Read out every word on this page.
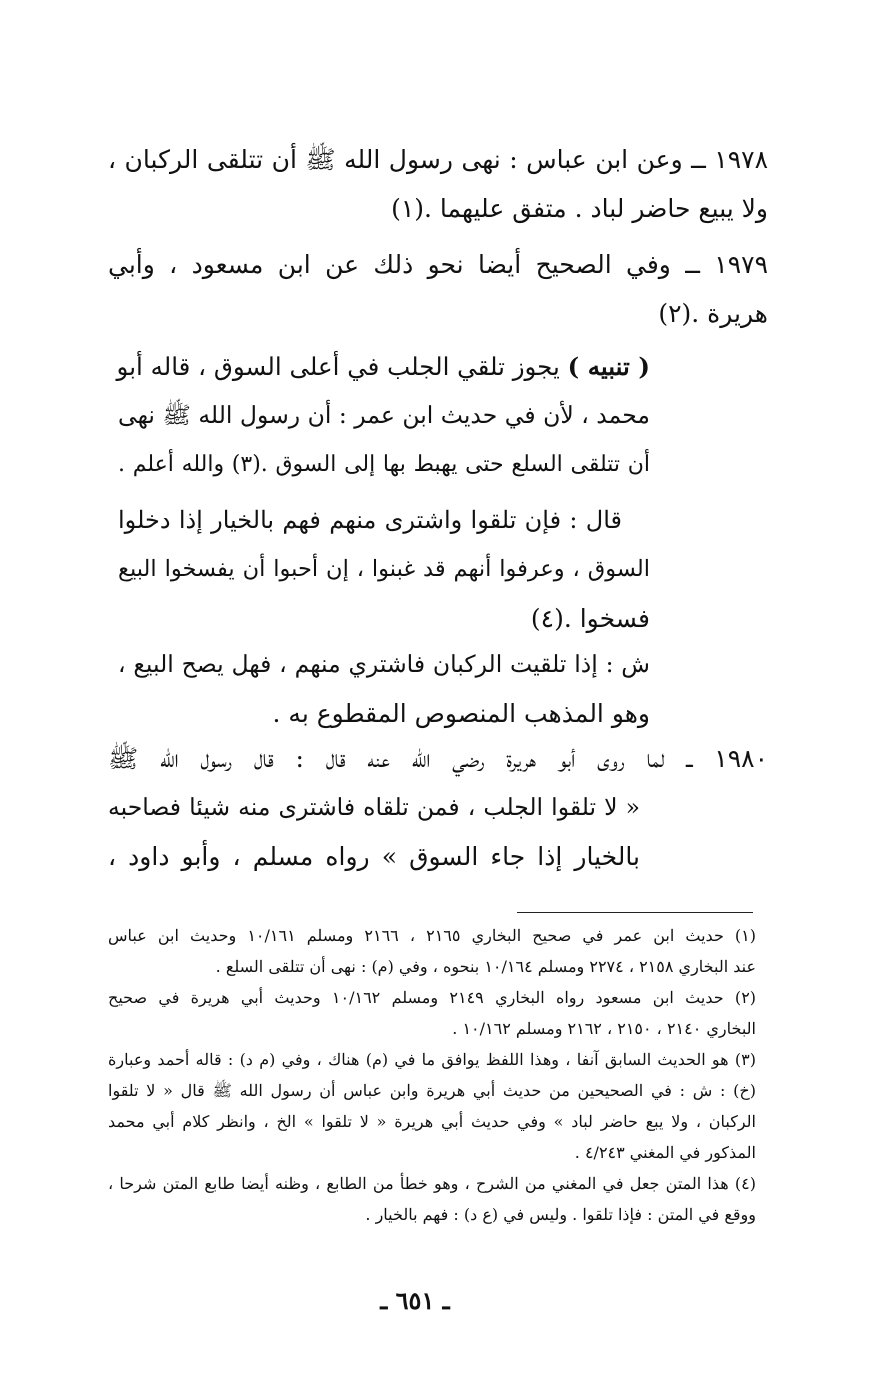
١٩٧٨ ــ وعن ابن عباس : نهى رسول الله ﷺ أن تتلقى الركبان ،
ولا يبيع حاضر لباد . متفق عليهما .(١)
١٩٧٩ ــ وفي الصحيح أيضا نحو ذلك عن ابن مسعود ، وأبي
هريرة .(٢)
( تنبيه ) يجوز تلقي الجلب في أعلى السوق ، قاله أبو
محمد ، لأن في حديث ابن عمر : أن رسول الله ﷺ نهى
أن تتلقى السلع حتى يهبط بها إلى السوق .(٣) والله أعلم .
قال : فإن تلقوا واشترى منهم فهم بالخيار إذا دخلوا
السوق ، وعرفوا أنهم قد غبنوا ، إن أحبوا أن يفسخوا البيع
فسخوا .(٤)
ش : إذا تلقيت الركبان فاشتري منهم ، فهل يصح البيع ،
وهو المذهب المنصوص المقطوع به .
١٩٨٠ ــ لما روى أبو هريرة رضي الله عنه قال : قال رسول الله ﷺ
« لا تلقوا الجلب ، فمن تلقاه فاشترى منه شيئا فصاحبه
بالخيار إذا جاء السوق » رواه مسلم ، وأبو داود ،
(١) حديث ابن عمر في صحيح البخاري ٢١٦٥ ، ٢١٦٦ ومسلم ١٠/١٦١ وحديث ابن عباس
عند البخاري ٢١٥٨ ، ٢٢٧٤ ومسلم ١٠/١٦٤ بنحوه ، وفي (م) : نهى أن تتلقى السلع .
(٢) حديث ابن مسعود رواه البخاري ٢١٤٩ ومسلم ١٠/١٦٢ وحديث أبي هريرة في صحيح
البخاري ٢١٤٠ ، ٢١٥٠ ، ٢١٦٢ ومسلم ١٠/١٦٢ .
(٣) هو الحديث السابق آنفا ، وهذا اللفظ يوافق ما في (م) هناك ، وفي (م د) : قاله أحمد وعبارة
(خ) : ش : في الصحيحين من حديث أبي هريرة وابن عباس أن رسول الله ﷺ قال « لا تلقوا
الركبان ، ولا يبع حاضر لباد » وفي حديث أبي هريرة « لا تلقوا » الخ ، وانظر كلام أبي محمد
المذكور في المغني ٤/٢٤٣ .
(٤) هذا المتن جعل في المغني من الشرح ، وهو خطأ من الطابع ، وظنه أيضا طابع المتن شرحا ،
ووقع في المتن : فإذا تلقوا . وليس في (ع د) : فهم بالخيار .
ـ ٦٥١ ـ
